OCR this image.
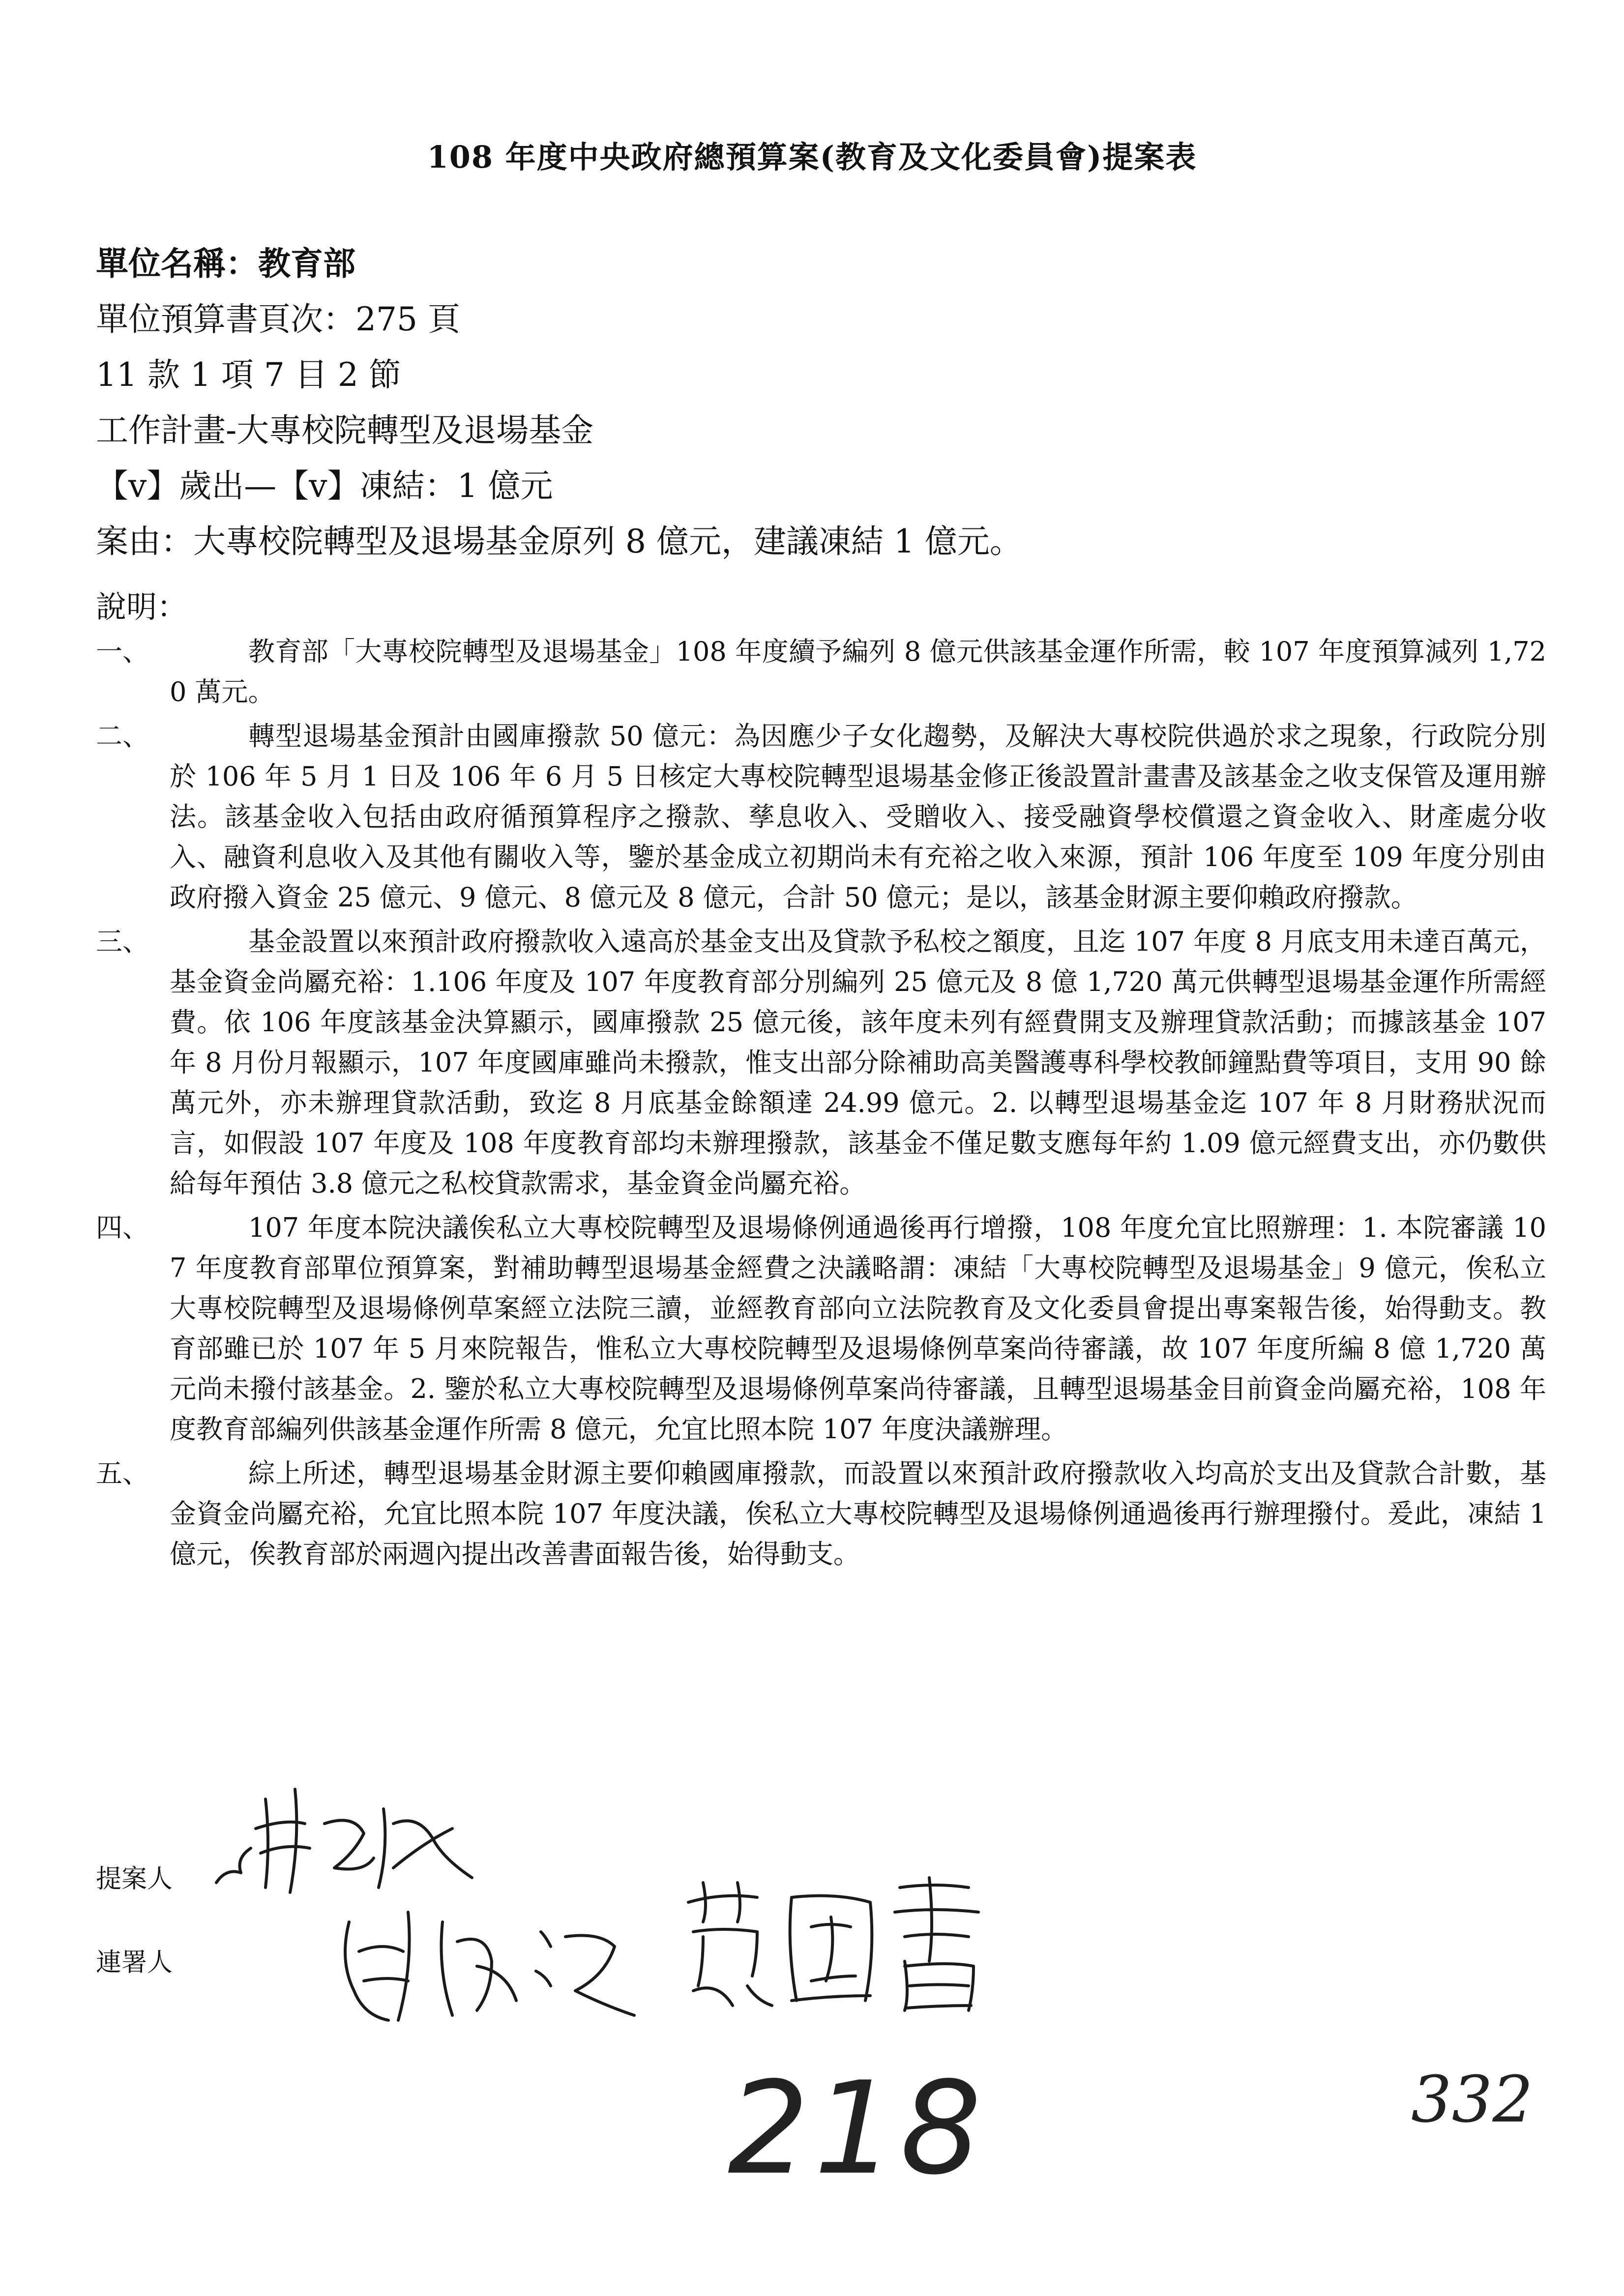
108 年度中央政府總預算案(教育及文化委員會)提案表
單位名稱：教育部
單位預算書頁次：275 頁
11 款 1 項 7 目 2 節
工作計畫-大專校院轉型及退場基金
【v】歲出—【v】凍結：1 億元
案由：大專校院轉型及退場基金原列 8 億元，建議凍結 1 億元。
說明：
一、	教育部「大專校院轉型及退場基金」108 年度續予編列 8 億元供該基金運作所需，較 107 年度預算減列 1,720 萬元。
二、	轉型退場基金預計由國庫撥款 50 億元：為因應少子女化趨勢，及解決大專校院供過於求之現象，行政院分別於 106 年 5 月 1 日及 106 年 6 月 5 日核定大專校院轉型退場基金修正後設置計畫書及該基金之收支保管及運用辦法。該基金收入包括由政府循預算程序之撥款、孳息收入、受贈收入、接受融資學校償還之資金收入、財產處分收入、融資利息收入及其他有關收入等，鑒於基金成立初期尚未有充裕之收入來源，預計 106 年度至 109 年度分別由政府撥入資金 25 億元、9 億元、8 億元及 8 億元，合計 50 億元；是以，該基金財源主要仰賴政府撥款。
三、	基金設置以來預計政府撥款收入遠高於基金支出及貸款予私校之額度，且迄 107 年度 8 月底支用未達百萬元，基金資金尚屬充裕：1.106 年度及 107 年度教育部分別編列 25 億元及 8 億 1,720 萬元供轉型退場基金運作所需經費。依 106 年度該基金決算顯示，國庫撥款 25 億元後，該年度未列有經費開支及辦理貸款活動；而據該基金 107 年 8 月份月報顯示，107 年度國庫雖尚未撥款，惟支出部分除補助高美醫護專科學校教師鐘點費等項目，支用 90 餘萬元外，亦未辦理貸款活動，致迄 8 月底基金餘額達 24.99 億元。2. 以轉型退場基金迄 107 年 8 月財務狀況而言，如假設 107 年度及 108 年度教育部均未辦理撥款，該基金不僅足數支應每年約 1.09 億元經費支出，亦仍數供給每年預估 3.8 億元之私校貸款需求，基金資金尚屬充裕。
四、	107 年度本院決議俟私立大專校院轉型及退場條例通過後再行增撥，108 年度允宜比照辦理：1. 本院審議 107 年度教育部單位預算案，對補助轉型退場基金經費之決議略謂：凍結「大專校院轉型及退場基金」9 億元，俟私立大專校院轉型及退場條例草案經立法院三讀，並經教育部向立法院教育及文化委員會提出專案報告後，始得動支。教育部雖已於 107 年 5 月來院報告，惟私立大專校院轉型及退場條例草案尚待審議，故 107 年度所編 8 億 1,720 萬元尚未撥付該基金。2. 鑒於私立大專校院轉型及退場條例草案尚待審議，且轉型退場基金目前資金尚屬充裕，108 年度教育部編列供該基金運作所需 8 億元，允宜比照本院 107 年度決議辦理。
五、	綜上所述，轉型退場基金財源主要仰賴國庫撥款，而設置以來預計政府撥款收入均高於支出及貸款合計數，基金資金尚屬充裕，允宜比照本院 107 年度決議，俟私立大專校院轉型及退場條例通過後再行辦理撥付。爰此，凍結 1 億元，俟教育部於兩週內提出改善書面報告後，始得動支。
提案人
連署人
218	332
